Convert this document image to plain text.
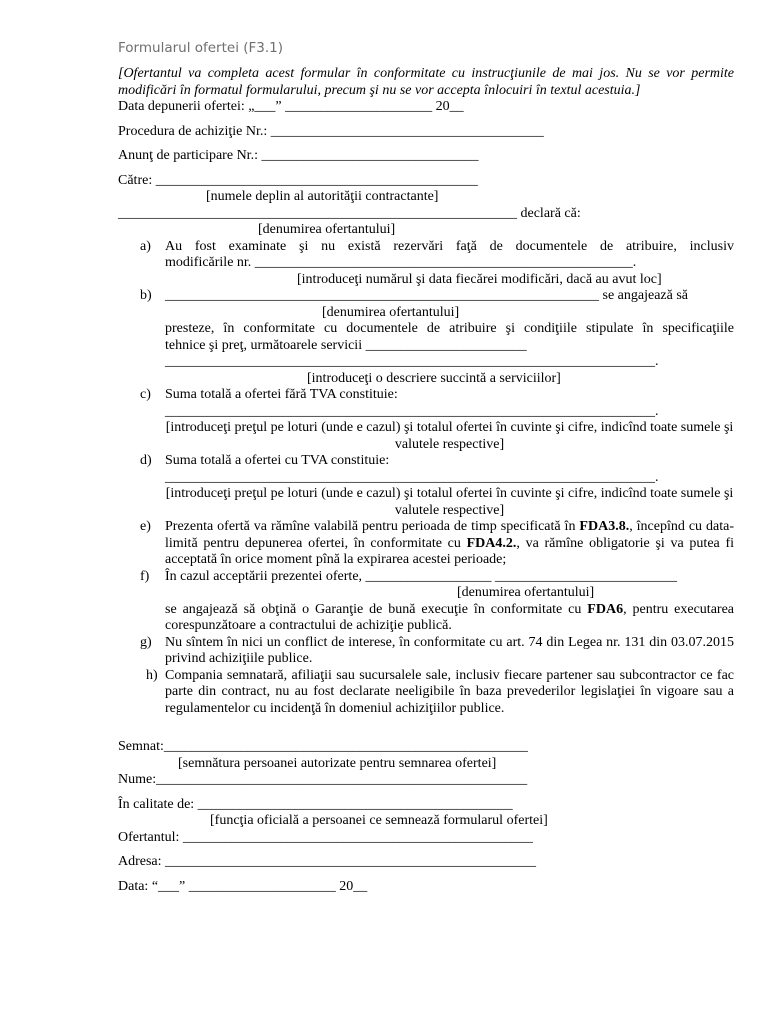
Formularul ofertei (F3.1)

[Ofertantul va completa acest formular în conformitate cu instrucţiunile de mai jos. Nu se vor permite modificări în formatul formularului, precum şi nu se vor accepta înlocuiri în textul acestuia.]

Data depunerii ofertei: „___” _____________________ 20__

Procedura de achiziţie Nr.: _______________________________________

Anunţ de participare Nr.: _______________________________

Către: ______________________________________________

[numele deplin al autorităţii contractante]

_________________________________________________________ declară că:

[denumirea ofertantului]

a) Au fost examinate şi nu există rezervări faţă de documentele de atribuire, inclusiv

modificările nr. ______________________________________________________.

[introduceţi numărul şi data fiecărei modificări, dacă au avut loc]

b) ______________________________________________________________ se angajează să

[denumirea ofertantului]

presteze, în conformitate cu documentele de atribuire şi condiţiile stipulate în specificaţiile

tehnice şi preţ, următoarele servicii _______________________

______________________________________________________________________.

[introduceţi o descriere succintă a serviciilor]

c) Suma totală a ofertei fără TVA constituie:

______________________________________________________________________.

[introduceţi preţul pe loturi (unde e cazul) şi totalul ofertei în cuvinte şi cifre, indicînd toate sumele şi valutele respective]

d) Suma totală a ofertei cu TVA constituie:

______________________________________________________________________.

[introduceţi preţul pe loturi (unde e cazul) şi totalul ofertei în cuvinte şi cifre, indicînd toate sumele şi valutele respective]

e) Prezenta ofertă va rămîne valabilă pentru perioada de timp specificată în FDA3.8., începînd cu data-limită pentru depunerea ofertei, în conformitate cu FDA4.2., va rămîne obligatorie şi va putea fi acceptată în orice moment pînă la expirarea acestei perioade;

f) În cazul acceptării prezentei oferte, __________________ __________________________

[denumirea ofertantului]

se angajează să obţină o Garanţie de bună execuţie în conformitate cu FDA6, pentru executarea corespunzătoare a contractului de achiziţie publică.

g) Nu sîntem în nici un conflict de interese, în conformitate cu art. 74 din Legea nr. 131 din 03.07.2015 privind achiziţiile publice.

h) Compania semnatară, afiliaţii sau sucursalele sale, inclusiv fiecare partener sau subcontractor ce fac parte din contract, nu au fost declarate neeligibile în baza prevederilor legislaţiei în vigoare sau a regulamentelor cu incidenţă în domeniul achiziţiilor publice.

Semnat:____________________________________________________

[semnătura persoanei autorizate pentru semnarea ofertei]

Nume:_____________________________________________________

În calitate de: _____________________________________________

[funcţia oficială a persoanei ce semnează formularul ofertei]

Ofertantul: __________________________________________________

Adresa: _____________________________________________________

Data: “___” _____________________ 20__
